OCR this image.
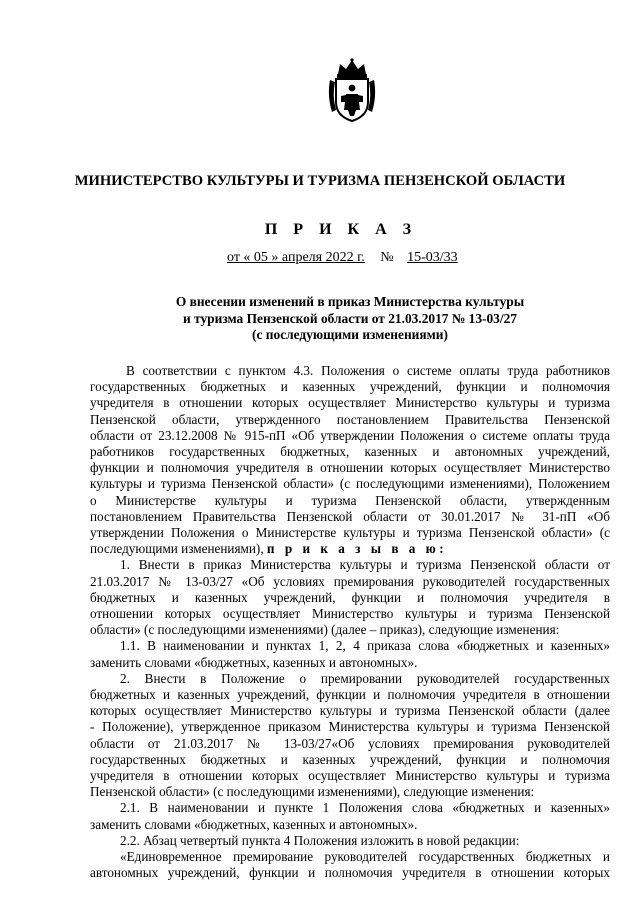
МИНИСТЕРСТВО КУЛЬТУРЫ И ТУРИЗМА ПЕНЗЕНСКОЙ ОБЛАСТИ
П Р И К А З
от « 05 » апреля 2022 г. № 15-03/33
О внесении изменений в приказ Министерства культуры
и туризма Пензенской области от 21.03.2017 № 13-03/27
(с последующими изменениями)

В соответствии с пунктом 4.3. Положения о системе оплаты труда работников

государственных бюджетных и казенных учреждений, функции и полномочия

учредителя в отношении которых осуществляет Министерство культуры и туризма

Пензенской области, утвержденного постановлением Правительства Пензенской

области от 23.12.2008 № 915-пП «Об утверждении Положения о системе оплаты труда

работников государственных бюджетных, казенных и автономных учреждений,

функции и полномочия учредителя в отношении которых осуществляет Министерство

культуры и туризма Пензенской области» (с последующими изменениями), Положением

о Министерстве культуры и туризма Пензенской области, утвержденным

постановлением Правительства Пензенской области от 30.01.2017 № 31-пП «Об

утверждении Положения о Министерстве культуры и туризма Пензенской области» (с

последующими изменениями), п р и к а з ы в а ю:

1. Внести в приказ Министерства культуры и туризма Пензенской области от

21.03.2017 № 13-03/27 «Об условиях премирования руководителей государственных

бюджетных и казенных учреждений, функции и полномочия учредителя в

отношении которых осуществляет Министерство культуры и туризма Пензенской

области» (с последующими изменениями) (далее – приказ), следующие изменения:

1.1. В наименовании и пунктах 1, 2, 4 приказа слова «бюджетных и казенных»

заменить словами «бюджетных, казенных и автономных».

2. Внести в Положение о премировании руководителей государственных

бюджетных и казенных учреждений, функции и полномочия учредителя в отношении

которых осуществляет Министерство культуры и туризма Пензенской области (далее

- Положение), утвержденное приказом Министерства культуры и туризма Пензенской

области от 21.03.2017 № 13-03/27«Об условиях премирования руководителей

государственных бюджетных и казенных учреждений, функции и полномочия

учредителя в отношении которых осуществляет Министерство культуры и туризма

Пензенской области» (с последующими изменениями), следующие изменения:

2.1. В наименовании и пункте 1 Положения слова «бюджетных и казенных»

заменить словами «бюджетных, казенных и автономных».

2.2. Абзац четвертый пункта 4 Положения изложить в новой редакции:

«Единовременное премирование руководителей государственных бюджетных и

автономных учреждений, функции и полномочия учредителя в отношении которых
